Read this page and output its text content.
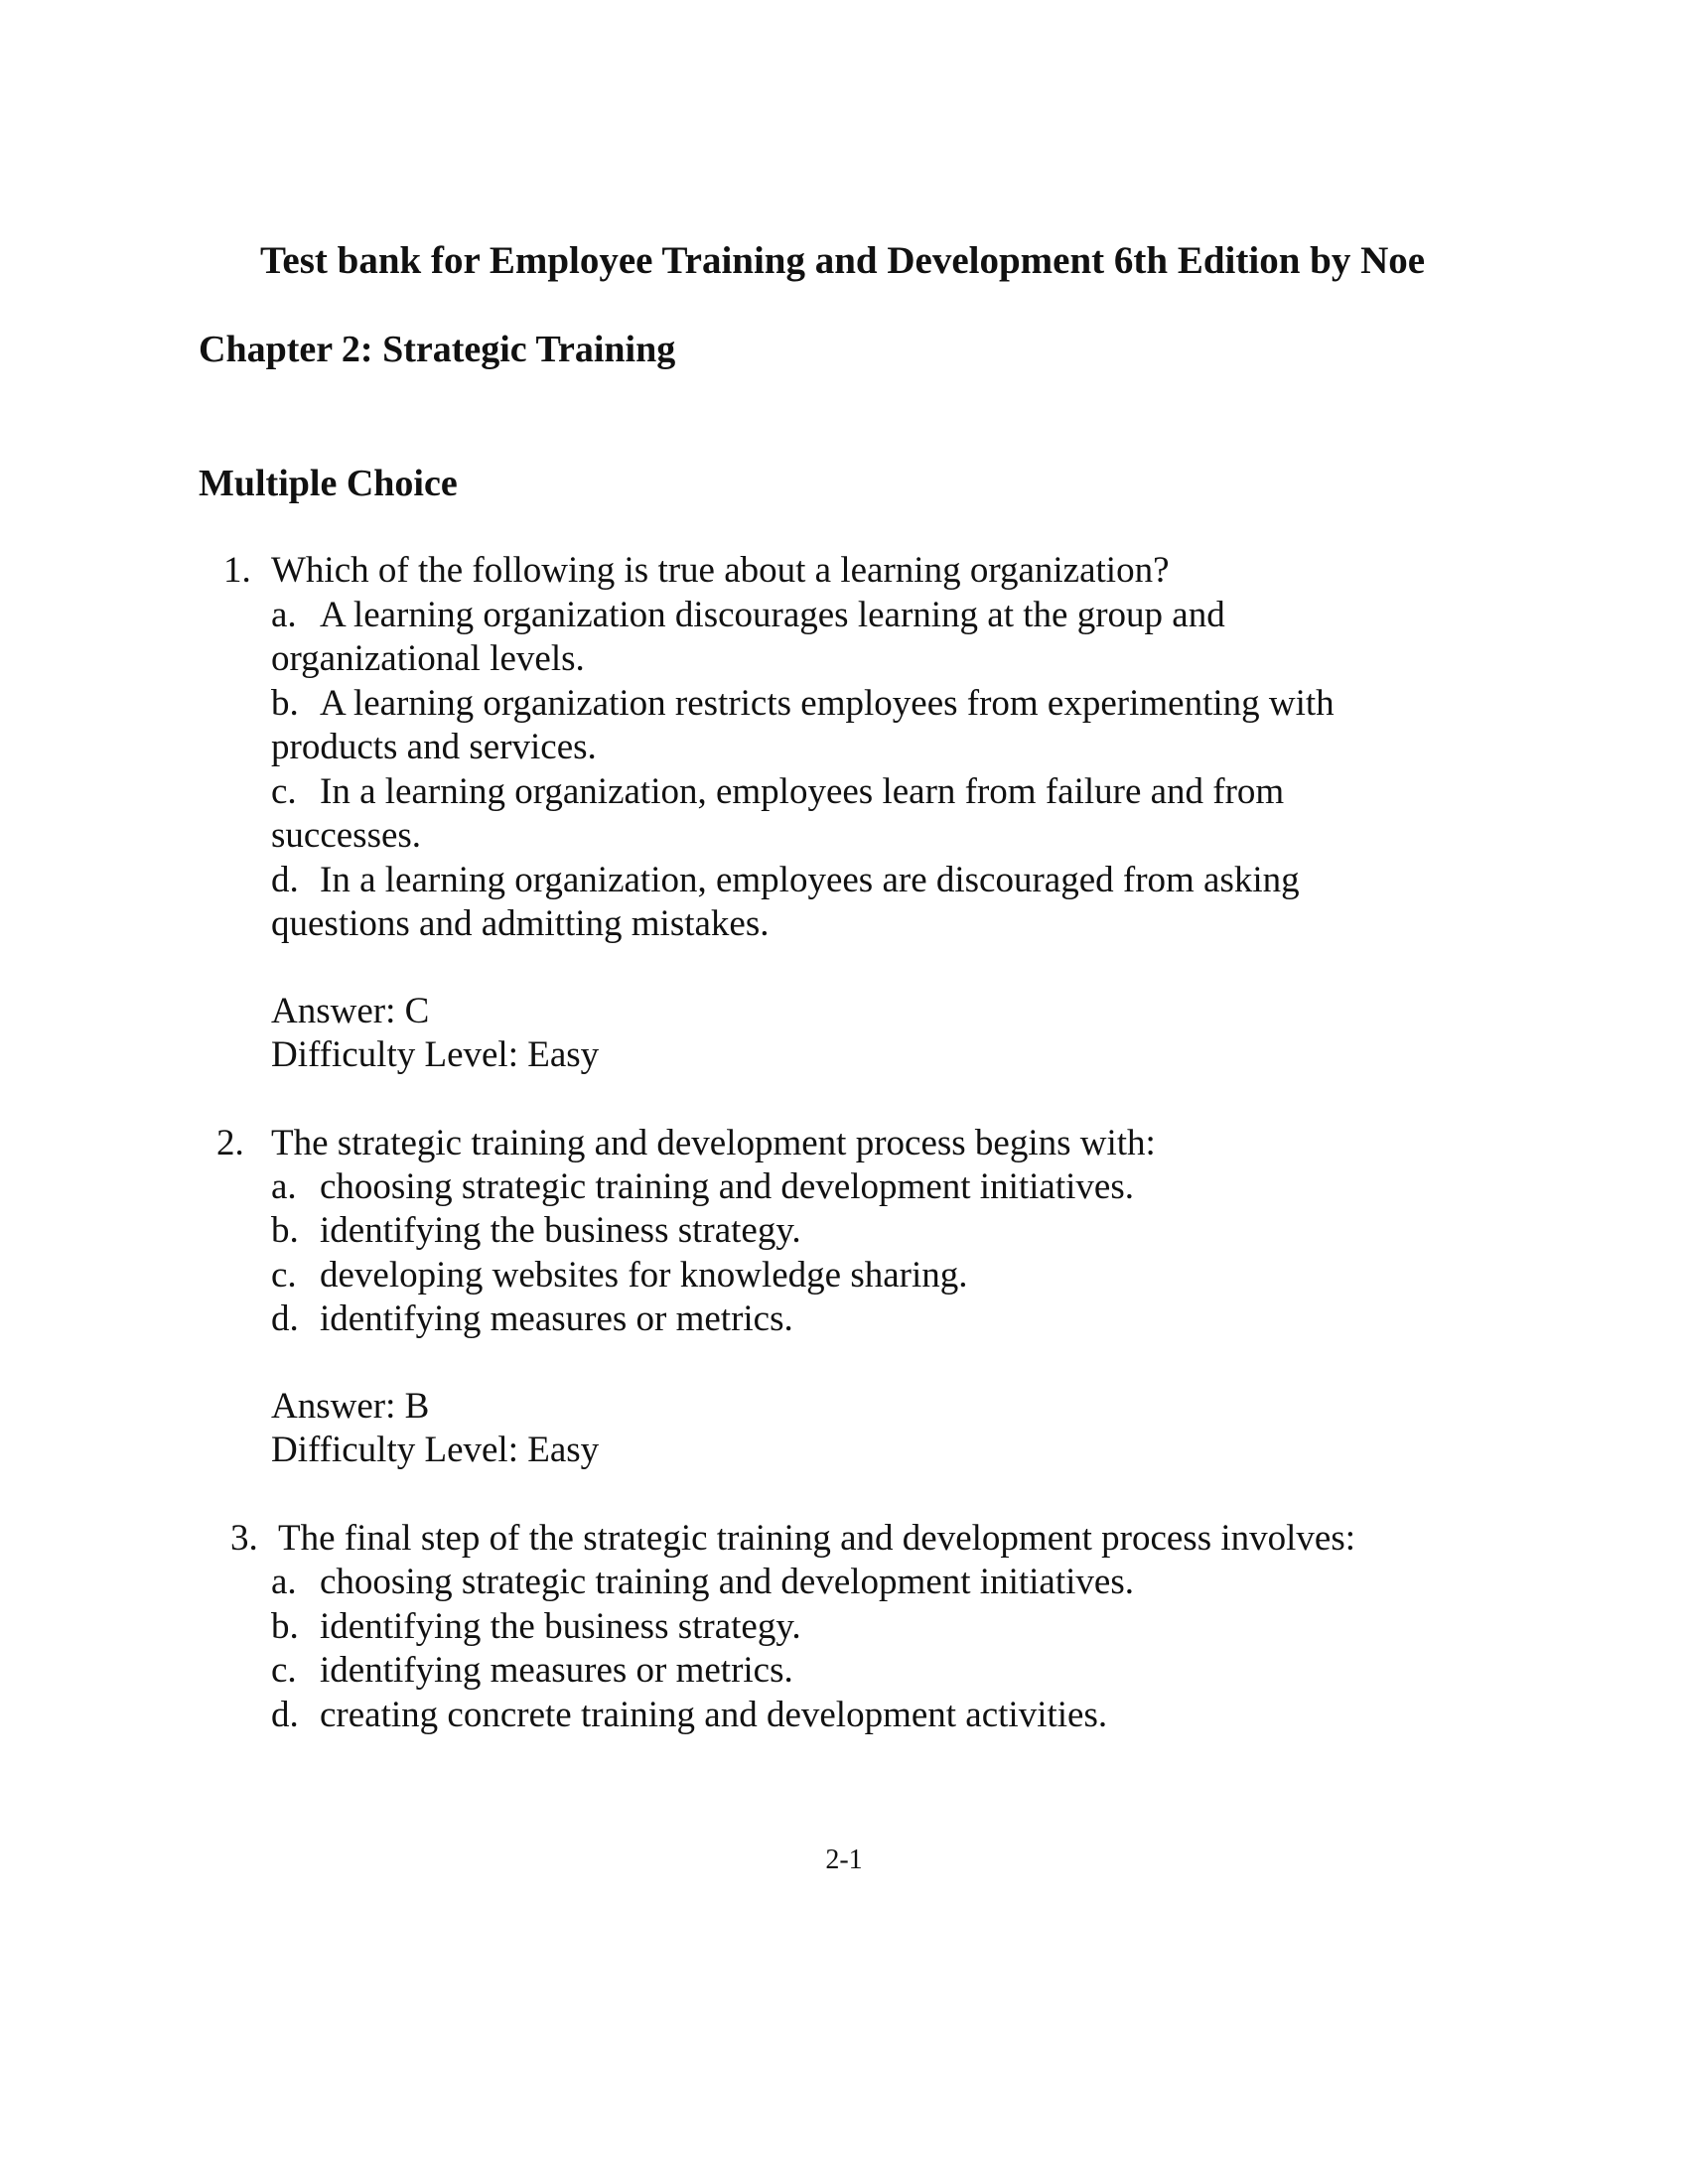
Test bank for Employee Training and Development 6th Edition by Noe
Chapter 2: Strategic Training
Multiple Choice
1. Which of the following is true about a learning organization?
a. A learning organization discourages learning at the group and
organizational levels.
b. A learning organization restricts employees from experimenting with
products and services.
c. In a learning organization, employees learn from failure and from
successes.
d. In a learning organization, employees are discouraged from asking
questions and admitting mistakes.
Answer: C
Difficulty Level: Easy
2. The strategic training and development process begins with:
a. choosing strategic training and development initiatives.
b. identifying the business strategy.
c. developing websites for knowledge sharing.
d. identifying measures or metrics.
Answer: B
Difficulty Level: Easy
3. The final step of the strategic training and development process involves:
a. choosing strategic training and development initiatives.
b. identifying the business strategy.
c. identifying measures or metrics.
d. creating concrete training and development activities.
2-1
